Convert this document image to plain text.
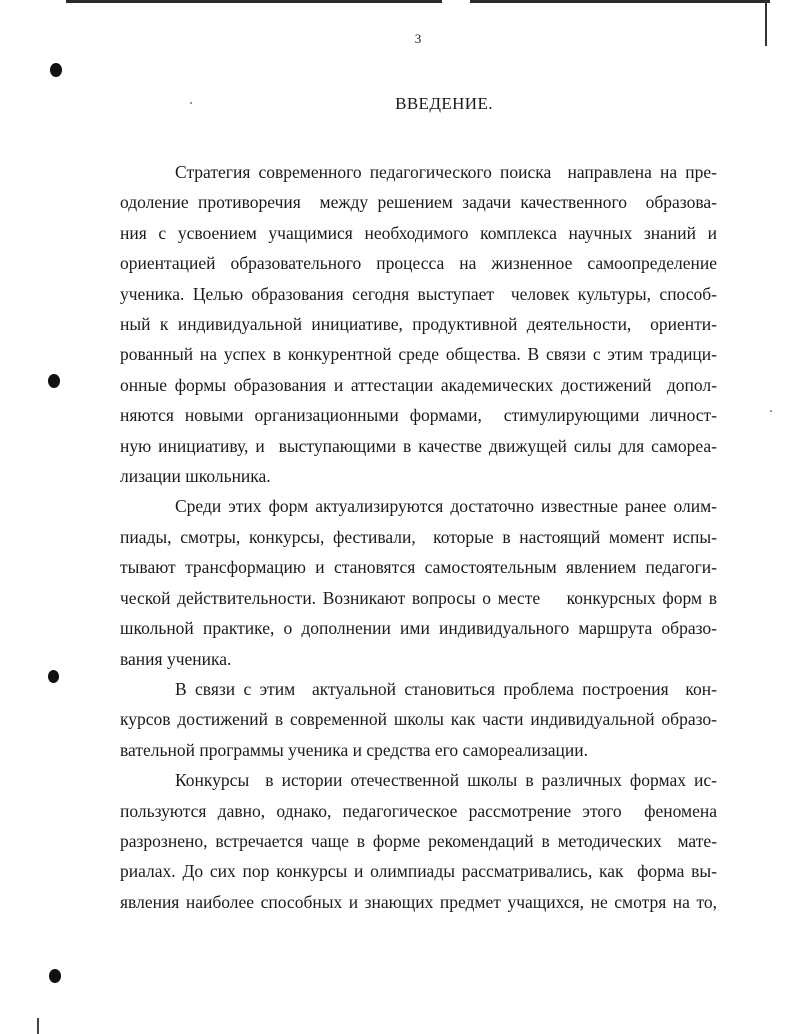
3
ВВЕДЕНИЕ.

Стратегия современного педагогического поиска  направлена на пре-
одоление противоречия  между решением задачи качественного  образова-
ния с усвоением учащимися необходимого комплекса научных знаний и
ориентацией образовательного процесса на жизненное самоопределение
ученика. Целью образования сегодня выступает  человек культуры, способ-
ный к индивидуальной инициативе, продуктивной деятельности,  ориенти-
рованный на успех в конкурентной среде общества. В связи с этим традици-
онные формы образования и аттестации академических достижений  допол-
няются новыми организационными формами,  стимулирующими личност-
ную инициативу, и  выступающими в качестве движущей силы для самореа-
лизации школьника.

Среди этих форм актуализируются достаточно известные ранее олим-
пиады, смотры, конкурсы, фестивали,  которые в настоящий момент испы-
тывают трансформацию и становятся самостоятельным явлением педагоги-
ческой действительности. Возникают вопросы о месте    конкурсных форм в
школьной практике, о дополнении ими индивидуального маршрута образо-
вания ученика.

В связи с этим  актуальной становиться проблема построения  кон-
курсов достижений в современной школы как части индивидуальной образо-
вательной программы ученика и средства его самореализации.

Конкурсы  в истории отечественной школы в различных формах ис-
пользуются давно, однако, педагогическое рассмотрение этого  феномена
разрознено, встречается чаще в форме рекомендаций в методических  мате-
риалах. До сих пор конкурсы и олимпиады рассматривались, как  форма вы-
явления наиболее способных и знающих предмет учащихся, не смотря на то,
